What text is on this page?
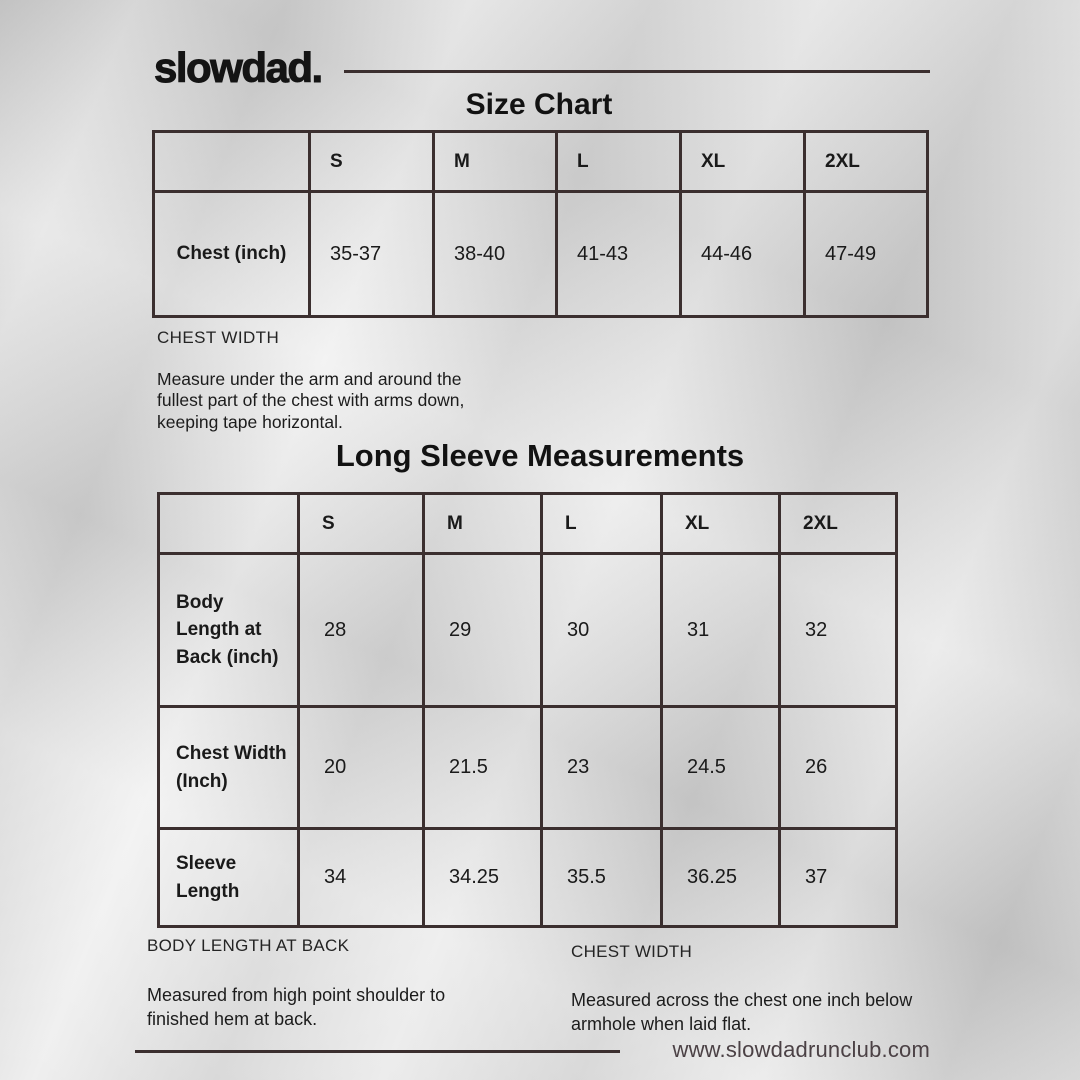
slowdad.
Size Chart
	S	M	L	XL	2XL
Chest (inch)	35-37	38-40	41-43	44-46	47-49
CHEST WIDTH

Measure under the arm and around the fullest part of the chest with arms down, keeping tape horizontal.

Long Sleeve Measurements
	S	M	L	XL	2XL
Body Length at Back (inch)	28	29	30	31	32
Chest Width (Inch)	20	21.5	23	24.5	26
Sleeve Length	34	34.25	35.5	36.25	37
BODY LENGTH AT BACK

Measured from high point shoulder to finished hem at back.

CHEST WIDTH

Measured across the chest one inch below armhole when laid flat.

www.slowdadrunclub.com
